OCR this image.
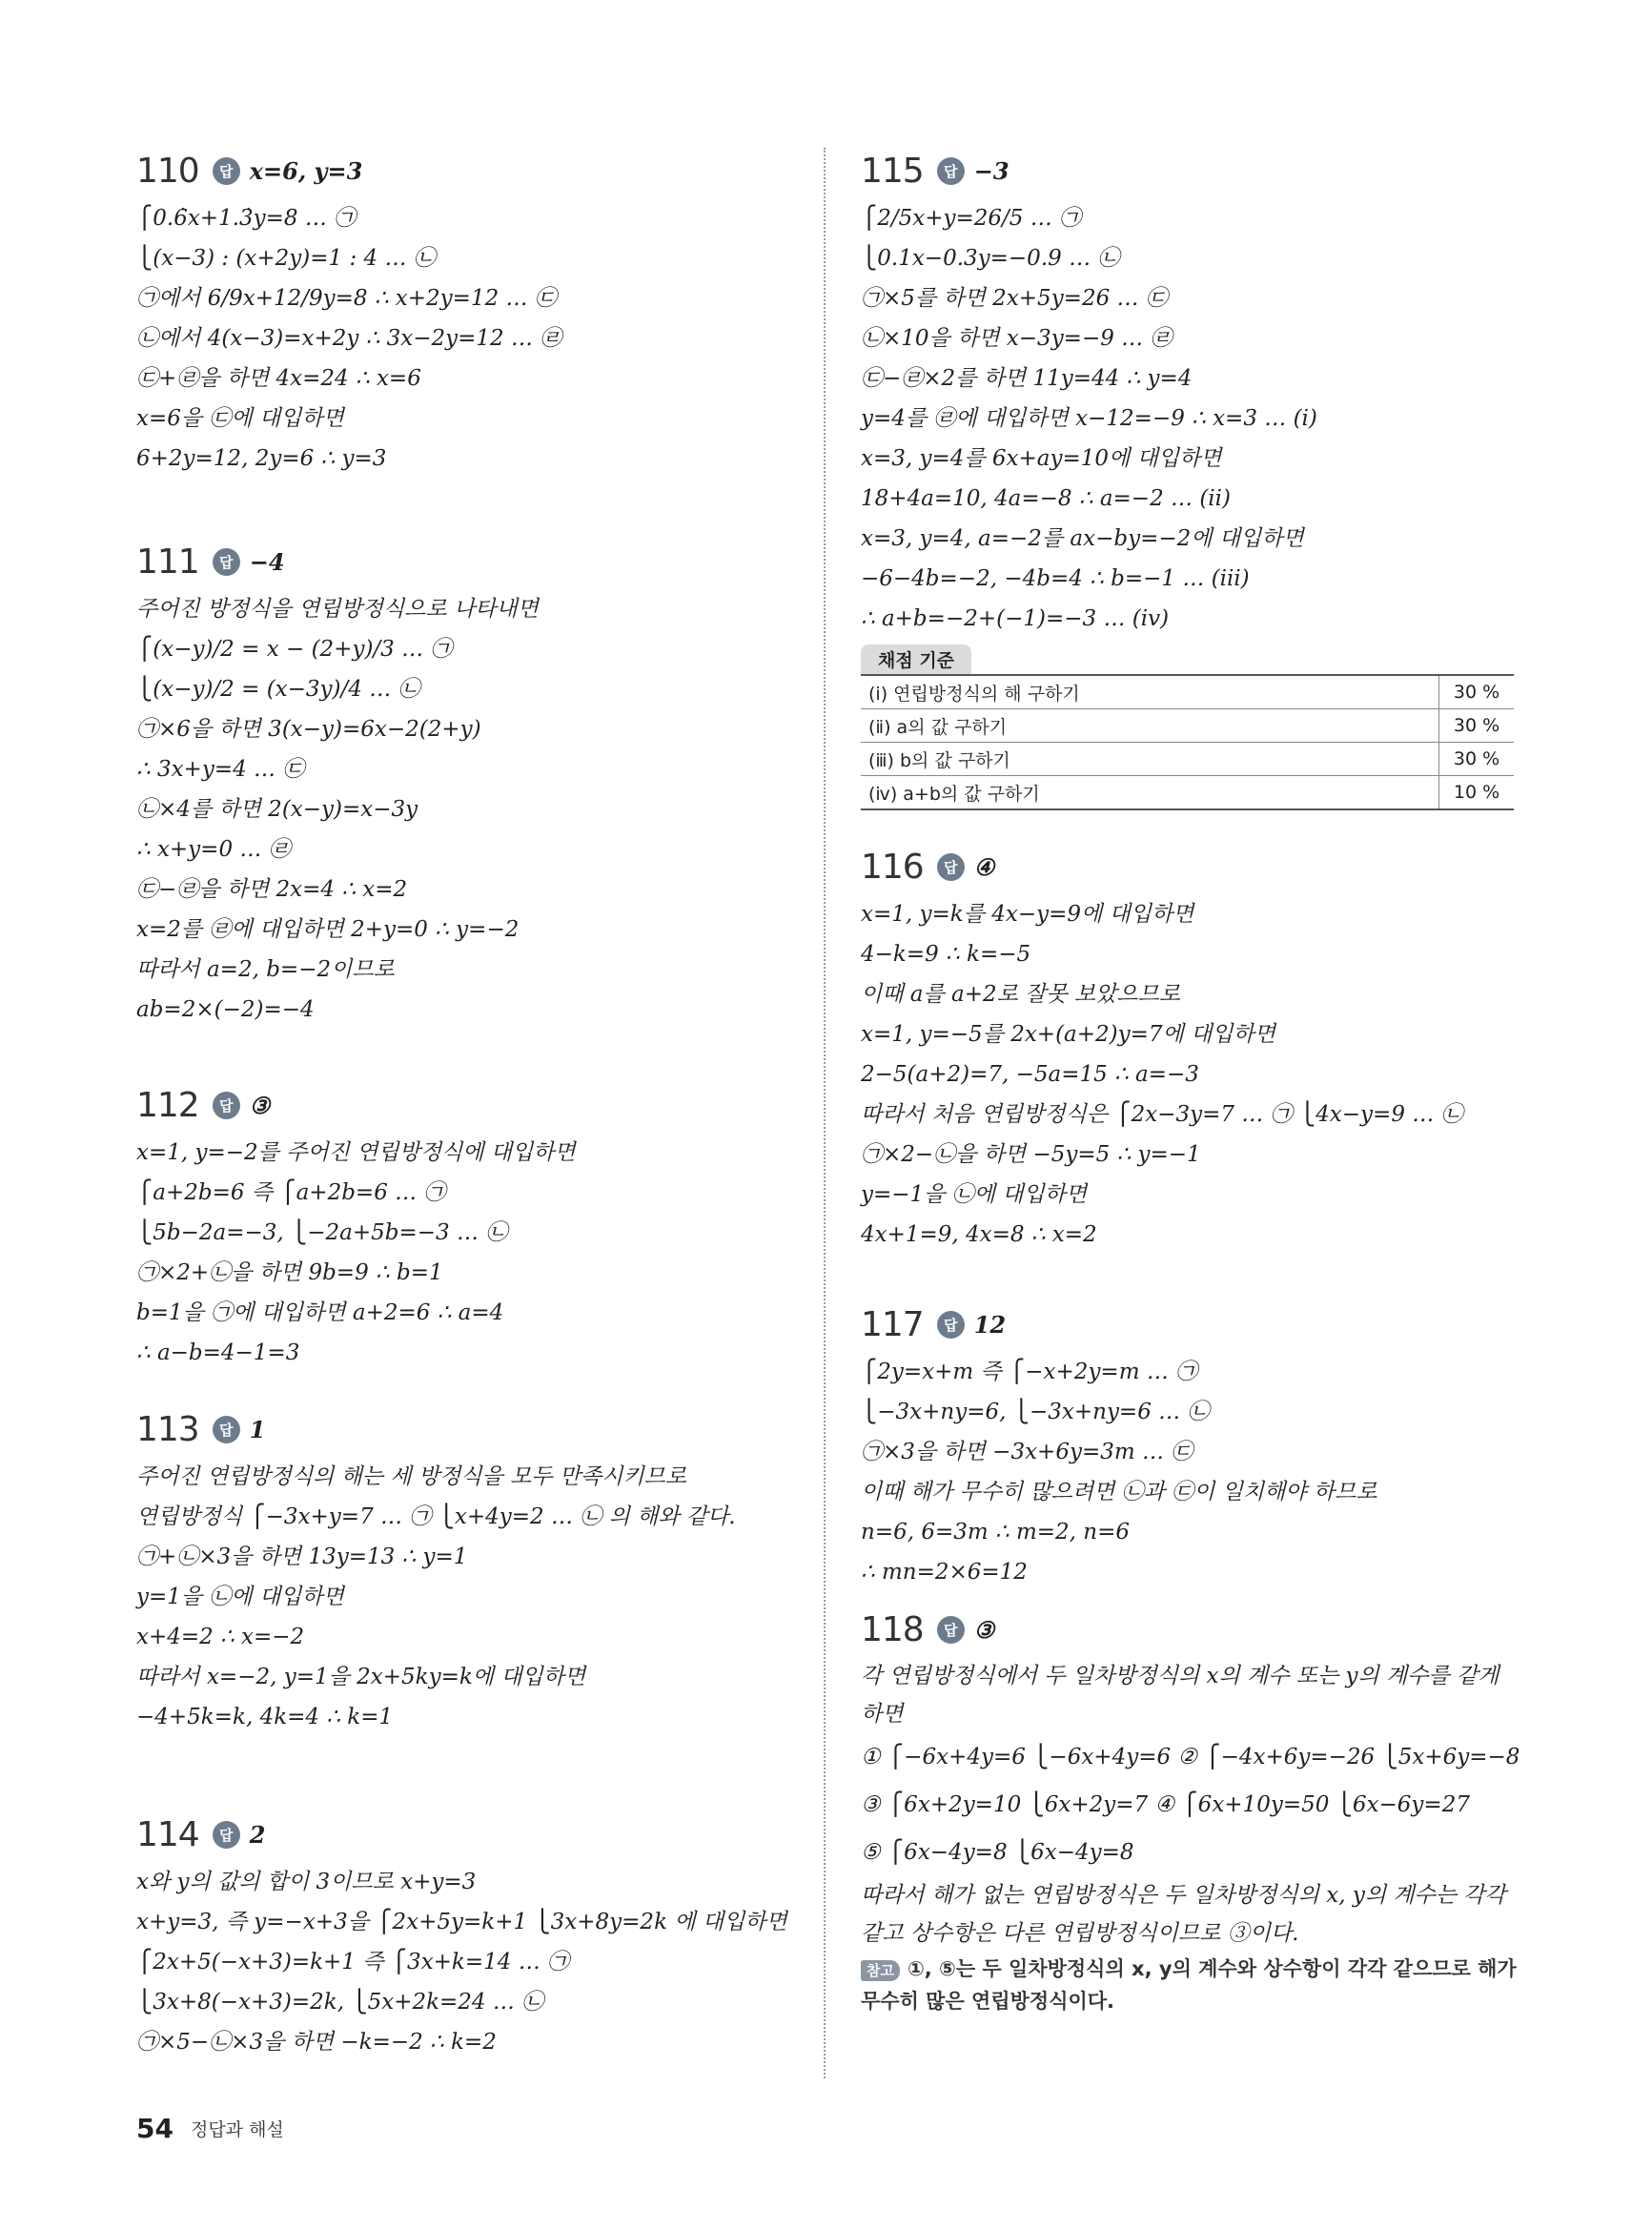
110	답 x=6, y=3
⎧0.6̇x+1.3̇y=8 … ㉠
⎩(x−3) : (x+2y)=1 : 4 … ㉡
㉠에서 6/9x+12/9y=8 ∴ x+2y=12 … ㉢
㉡에서 4(x−3)=x+2y ∴ 3x−2y=12 … ㉣
㉢+㉣을 하면 4x=24 ∴ x=6
x=6을 ㉢에 대입하면
6+2y=12, 2y=6 ∴ y=3
111	답 −4
주어진 방정식을 연립방정식으로 나타내면
⎧(x−y)/2 = x − (2+y)/3 … ㉠
⎩(x−y)/2 = (x−3y)/4 … ㉡
㉠×6을 하면 3(x−y)=6x−2(2+y)
∴ 3x+y=4 … ㉢
㉡×4를 하면 2(x−y)=x−3y
∴ x+y=0 … ㉣
㉢−㉣을 하면 2x=4 ∴ x=2
x=2를 ㉣에 대입하면 2+y=0 ∴ y=−2
따라서 a=2, b=−2이므로
ab=2×(−2)=−4
112	답 ③
x=1, y=−2를 주어진 연립방정식에 대입하면
⎧a+2b=6 즉 ⎧a+2b=6 … ㉠
⎩5b−2a=−3, ⎩−2a+5b=−3 … ㉡
㉠×2+㉡을 하면 9b=9 ∴ b=1
b=1을 ㉠에 대입하면 a+2=6 ∴ a=4
∴ a−b=4−1=3
113	답 1
주어진 연립방정식의 해는 세 방정식을 모두 만족시키므로
연립방정식 ⎧−3x+y=7 … ㉠ ⎩x+4y=2 … ㉡ 의 해와 같다.
㉠+㉡×3을 하면 13y=13 ∴ y=1
y=1을 ㉡에 대입하면
x+4=2 ∴ x=−2
따라서 x=−2, y=1을 2x+5ky=k에 대입하면
−4+5k=k, 4k=4 ∴ k=1
114	답 2
x와 y의 값의 합이 3이므로 x+y=3
x+y=3, 즉 y=−x+3을 ⎧2x+5y=k+1 ⎩3x+8y=2k 에 대입하면
⎧2x+5(−x+3)=k+1 즉 ⎧3x+k=14 … ㉠
⎩3x+8(−x+3)=2k, ⎩5x+2k=24 … ㉡
㉠×5−㉡×3을 하면 −k=−2 ∴ k=2
115	답 −3
⎧2/5x+y=26/5 … ㉠
⎩0.1x−0.3y=−0.9 … ㉡
㉠×5를 하면 2x+5y=26 … ㉢
㉡×10을 하면 x−3y=−9 … ㉣
㉢−㉣×2를 하면 11y=44 ∴ y=4
y=4를 ㉣에 대입하면 x−12=−9 ∴ x=3 … (ⅰ)
x=3, y=4를 6x+ay=10에 대입하면
18+4a=10, 4a=−8 ∴ a=−2 … (ⅱ)
x=3, y=4, a=−2를 ax−by=−2에 대입하면
−6−4b=−2, −4b=4 ∴ b=−1 … (ⅲ)
∴ a+b=−2+(−1)=−3 … (ⅳ)
채점 기준
(ⅰ) 연립방정식의 해 구하기	30 %
(ⅱ) a의 값 구하기	30 %
(ⅲ) b의 값 구하기	30 %
(ⅳ) a+b의 값 구하기	10 %
116	답 ④
x=1, y=k를 4x−y=9에 대입하면
4−k=9 ∴ k=−5
이때 a를 a+2로 잘못 보았으므로
x=1, y=−5를 2x+(a+2)y=7에 대입하면
2−5(a+2)=7, −5a=15 ∴ a=−3
따라서 처음 연립방정식은 ⎧2x−3y=7 … ㉠ ⎩4x−y=9 … ㉡
㉠×2−㉡을 하면 −5y=5 ∴ y=−1
y=−1을 ㉡에 대입하면
4x+1=9, 4x=8 ∴ x=2
117	답 12
⎧2y=x+m 즉 ⎧−x+2y=m … ㉠
⎩−3x+ny=6, ⎩−3x+ny=6 … ㉡
㉠×3을 하면 −3x+6y=3m … ㉢
이때 해가 무수히 많으려면 ㉡과 ㉢이 일치해야 하므로
n=6, 6=3m ∴ m=2, n=6
∴ mn=2×6=12
118	답 ③
각 연립방정식에서 두 일차방정식의 x의 계수 또는 y의 계수를 같게 하면
① ⎧−6x+4y=6 ⎩−6x+4y=6 ② ⎧−4x+6y=−26 ⎩5x+6y=−8
③ ⎧6x+2y=10 ⎩6x+2y=7 ④ ⎧6x+10y=50 ⎩6x−6y=27
⑤ ⎧6x−4y=8 ⎩6x−4y=8
따라서 해가 없는 연립방정식은 두 일차방정식의 x, y의 계수는 각각 같고 상수항은 다른 연립방정식이므로 ③이다.
참고 ①, ⑤는 두 일차방정식의 x, y의 계수와 상수항이 각각 같으므로 해가 무수히 많은 연립방정식이다.
54 정답과 해설
